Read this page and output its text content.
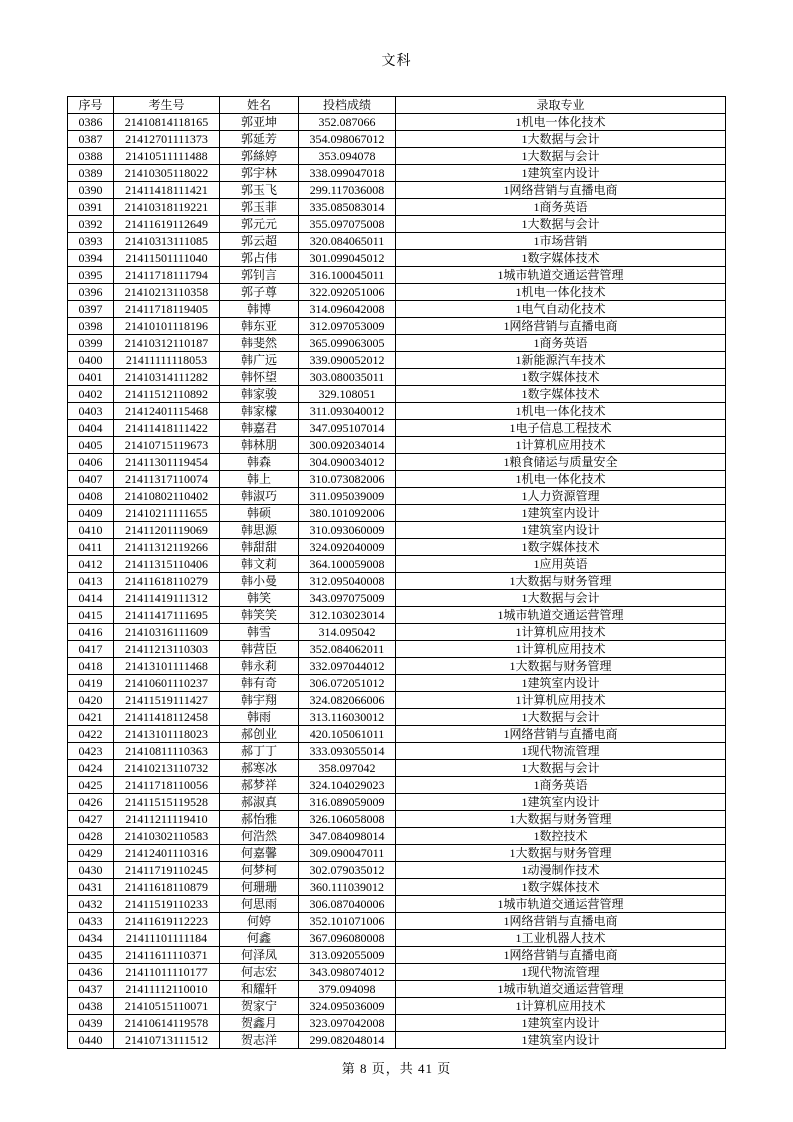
文科
序号	考生号	姓名	投档成绩	录取专业
0386	21410814118165	郭亚坤	352.087066	1机电一体化技术
0387	21412701111373	郭延芳	354.098067012	1大数据与会计
0388	21410511111488	郭絲婷	353.094078	1大数据与会计
0389	21410305118022	郭宇林	338.099047018	1建筑室内设计
0390	21411418111421	郭玉飞	299.117036008	1网络营销与直播电商
0391	21410318119221	郭玉菲	335.085083014	1商务英语
0392	21411619112649	郭元元	355.097075008	1大数据与会计
0393	21410313111085	郭云超	320.084065011	1市场营销
0394	21411501111040	郭占伟	301.099045012	1数字媒体技术
0395	21411718111794	郭钊言	316.100045011	1城市轨道交通运营管理
0396	21410213110358	郭子尊	322.092051006	1机电一体化技术
0397	21411718119405	韩博	314.096042008	1电气自动化技术
0398	21410101118196	韩东亚	312.097053009	1网络营销与直播电商
0399	21410312110187	韩斐然	365.099063005	1商务英语
0400	21411111118053	韩广远	339.090052012	1新能源汽车技术
0401	21410314111282	韩怀望	303.080035011	1数字媒体技术
0402	21411512110892	韩家骏	329.108051	1数字媒体技术
0403	21412401115468	韩家檬	311.093040012	1机电一体化技术
0404	21411418111422	韩嘉君	347.095107014	1电子信息工程技术
0405	21410715119673	韩林朋	300.092034014	1计算机应用技术
0406	21411301119454	韩森	304.090034012	1粮食储运与质量安全
0407	21411317110074	韩上	310.073082006	1机电一体化技术
0408	21410802110402	韩淑巧	311.095039009	1人力资源管理
0409	21410211111655	韩硕	380.101092006	1建筑室内设计
0410	21411201119069	韩思源	310.093060009	1建筑室内设计
0411	21411312119266	韩甜甜	324.092040009	1数字媒体技术
0412	21411315110406	韩文莉	364.100059008	1应用英语
0413	21411618110279	韩小曼	312.095040008	1大数据与财务管理
0414	21411419111312	韩笑	343.097075009	1大数据与会计
0415	21411417111695	韩笑笑	312.103023014	1城市轨道交通运营管理
0416	21410316111609	韩雪	314.095042	1计算机应用技术
0417	21411213110303	韩营臣	352.084062011	1计算机应用技术
0418	21413101111468	韩永莉	332.097044012	1大数据与财务管理
0419	21410601110237	韩有奇	306.072051012	1建筑室内设计
0420	21411519111427	韩宇翔	324.082066006	1计算机应用技术
0421	21411418112458	韩雨	313.116030012	1大数据与会计
0422	21413101118023	郝创业	420.105061011	1网络营销与直播电商
0423	21410811110363	郝丁丁	333.093055014	1现代物流管理
0424	21410213110732	郝寒冰	358.097042	1大数据与会计
0425	21411718110056	郝梦祥	324.104029023	1商务英语
0426	21411515119528	郝淑真	316.089059009	1建筑室内设计
0427	21411211119410	郝怡雅	326.106058008	1大数据与财务管理
0428	21410302110583	何浩然	347.084098014	1数控技术
0429	21412401110316	何嘉馨	309.090047011	1大数据与财务管理
0430	21411719110245	何梦柯	302.079035012	1动漫制作技术
0431	21411618110879	何珊珊	360.111039012	1数字媒体技术
0432	21411519110233	何思雨	306.087040006	1城市轨道交通运营管理
0433	21411619112223	何婷	352.101071006	1网络营销与直播电商
0434	21411101111184	何鑫	367.096080008	1工业机器人技术
0435	21411611110371	何泽凤	313.092055009	1网络营销与直播电商
0436	21411011110177	何志宏	343.098074012	1现代物流管理
0437	21411112110010	和耀轩	379.094098	1城市轨道交通运营管理
0438	21410515110071	贺家宁	324.095036009	1计算机应用技术
0439	21410614119578	贺鑫月	323.097042008	1建筑室内设计
0440	21410713111512	贺志洋	299.082048014	1建筑室内设计
第 8 页，共 41 页
